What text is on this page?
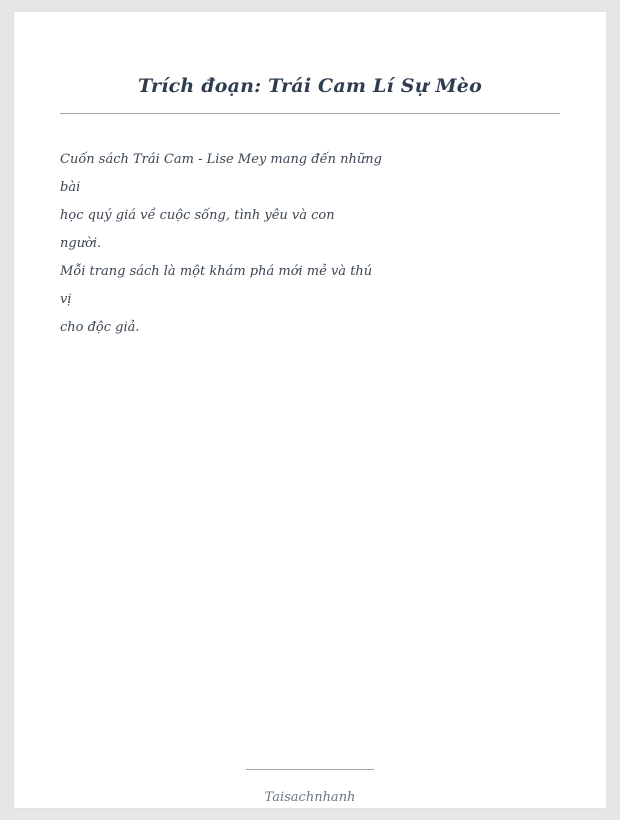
Trích đoạn: Trái Cam Lí Sự Mèo
Cuốn sách Trái Cam - Lise Mey mang đến những
bài
học quý giá về cuộc sống, tình yêu và con
người.
Mỗi trang sách là một khám phá mới mẻ và thú
vị
cho độc giả.
Taisachnhanh
